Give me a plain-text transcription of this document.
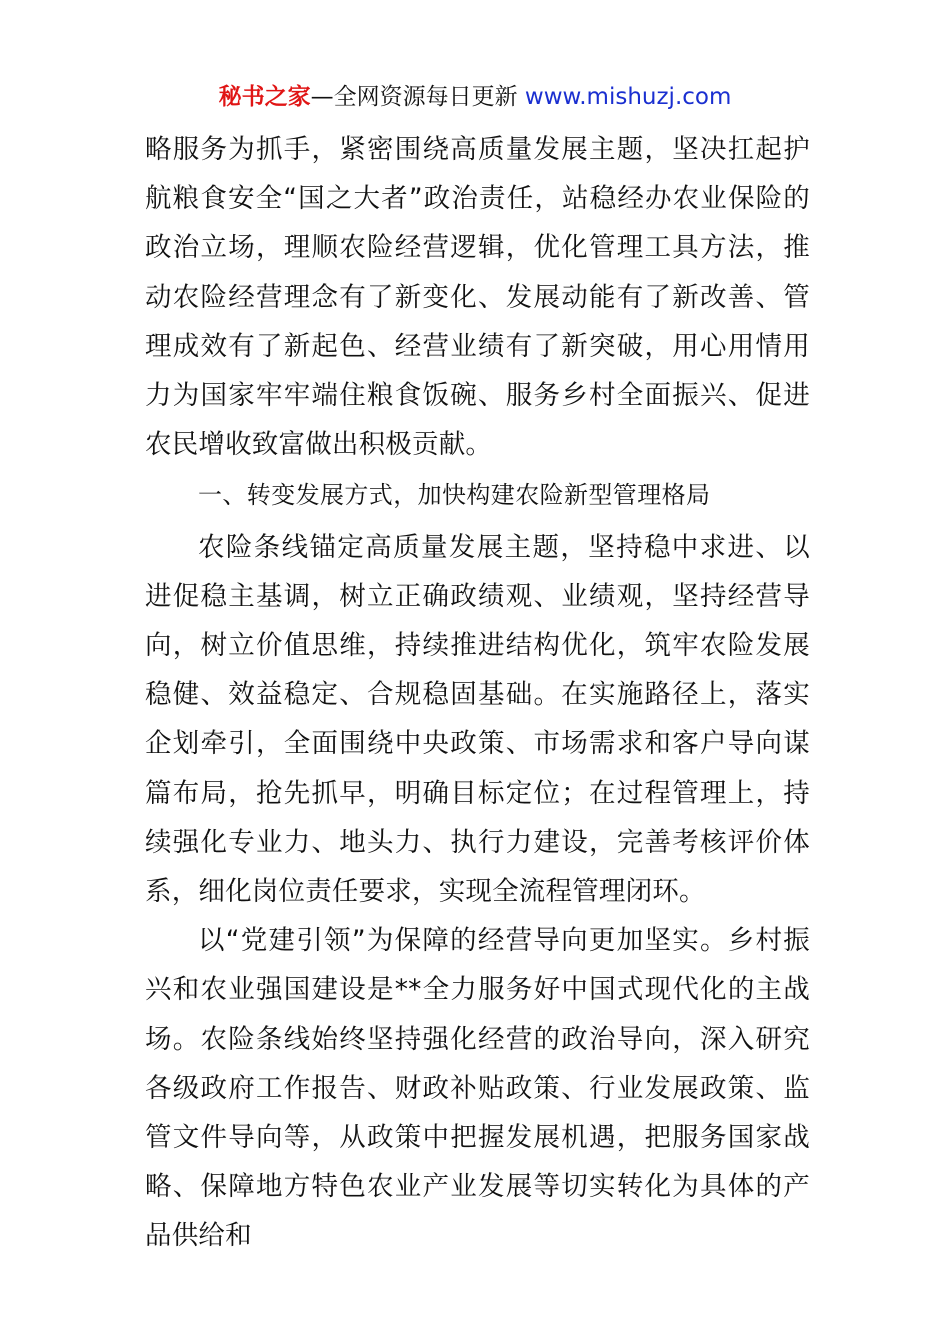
秘书之家—全网资源每日更新 www.mishuzj.com

略服务为抓手，紧密围绕高质量发展主题，坚决扛起护航粮食安全“国之大者”政治责任，站稳经办农业保险的政治立场，理顺农险经营逻辑，优化管理工具方法，推动农险经营理念有了新变化、发展动能有了新改善、管理成效有了新起色、经营业绩有了新突破，用心用情用力为国家牢牢端住粮食饭碗、服务乡村全面振兴、促进农民增收致富做出积极贡献。

一、转变发展方式，加快构建农险新型管理格局

农险条线锚定高质量发展主题，坚持稳中求进、以进促稳主基调，树立正确政绩观、业绩观，坚持经营导向，树立价值思维，持续推进结构优化，筑牢农险发展稳健、效益稳定、合规稳固基础。在实施路径上，落实企划牵引，全面围绕中央政策、市场需求和客户导向谋篇布局，抢先抓早，明确目标定位；在过程管理上，持续强化专业力、地头力、执行力建设，完善考核评价体系，细化岗位责任要求，实现全流程管理闭环。

以“党建引领”为保障的经营导向更加坚实。乡村振兴和农业强国建设是**全力服务好中国式现代化的主战场。农险条线始终坚持强化经营的政治导向，深入研究各级政府工作报告、财政补贴政策、行业发展政策、监管文件导向等，从政策中把握发展机遇，把服务国家战略、保障地方特色农业产业发展等切实转化为具体的产品供给和
